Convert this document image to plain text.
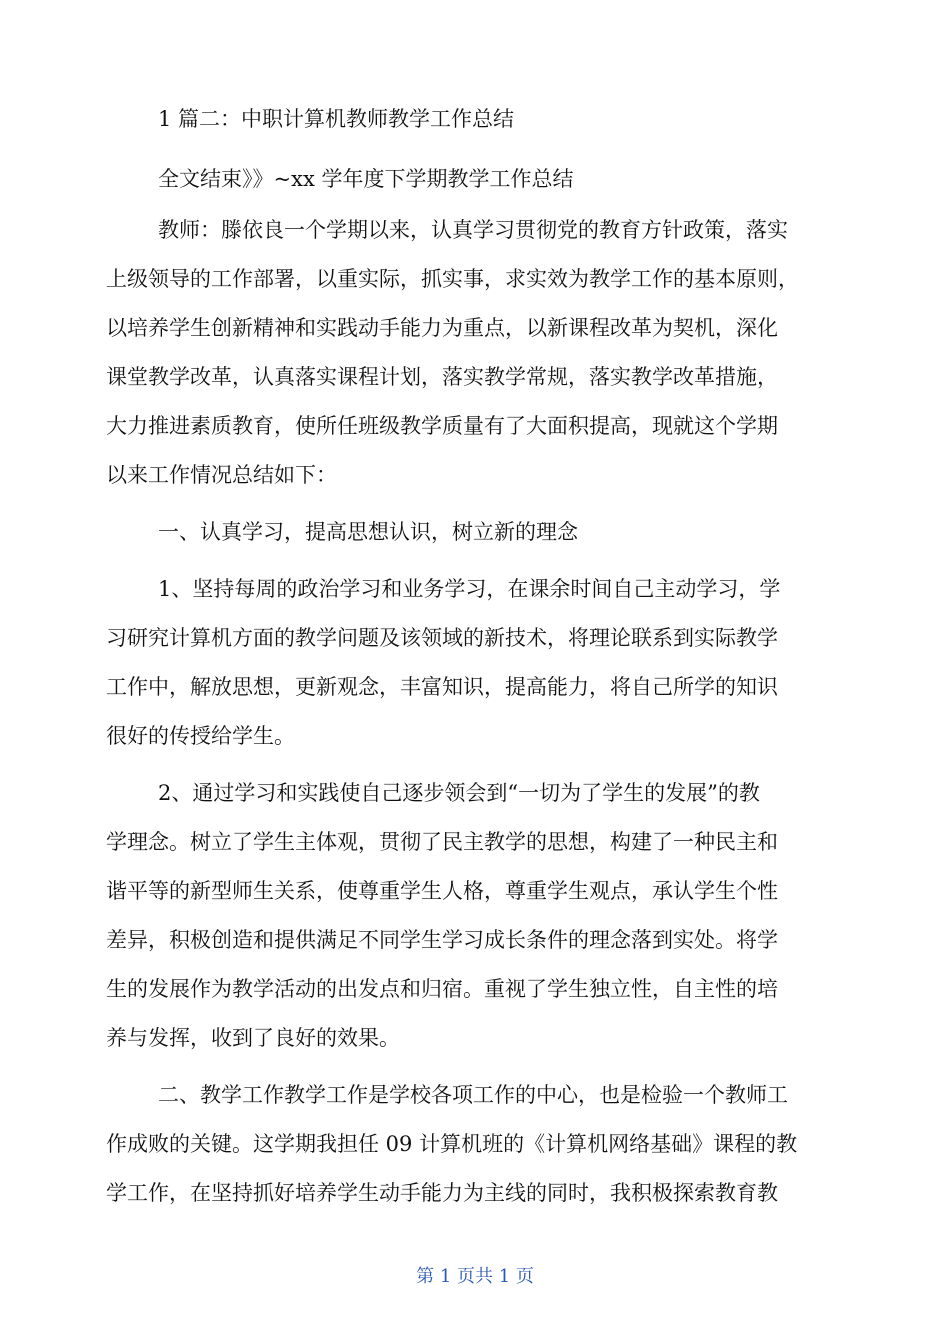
1 篇二：中职计算机教师教学工作总结

全文结束》》~xx 学年度下学期教学工作总结

教师：滕依良一个学期以来，认真学习贯彻党的教育方针政策，落实

上级领导的工作部署，以重实际，抓实事，求实效为教学工作的基本原则，

以培养学生创新精神和实践动手能力为重点，以新课程改革为契机，深化

课堂教学改革，认真落实课程计划，落实教学常规，落实教学改革措施，

大力推进素质教育，使所任班级教学质量有了大面积提高，现就这个学期

以来工作情况总结如下：

一、认真学习，提高思想认识，树立新的理念

1、坚持每周的政治学习和业务学习，在课余时间自己主动学习，学

习研究计算机方面的教学问题及该领域的新技术，将理论联系到实际教学

工作中，解放思想，更新观念，丰富知识，提高能力，将自己所学的知识

很好的传授给学生。

2、通过学习和实践使自己逐步领会到“一切为了学生的发展”的教

学理念。树立了学生主体观，贯彻了民主教学的思想，构建了一种民主和

谐平等的新型师生关系，使尊重学生人格，尊重学生观点，承认学生个性

差异，积极创造和提供满足不同学生学习成长条件的理念落到实处。将学

生的发展作为教学活动的出发点和归宿。重视了学生独立性，自主性的培

养与发挥，收到了良好的效果。

二、教学工作教学工作是学校各项工作的中心，也是检验一个教师工

作成败的关键。这学期我担任 09 计算机班的《计算机网络基础》课程的教

学工作，在坚持抓好培养学生动手能力为主线的同时，我积极探索教育教

第 1 页共 1 页
